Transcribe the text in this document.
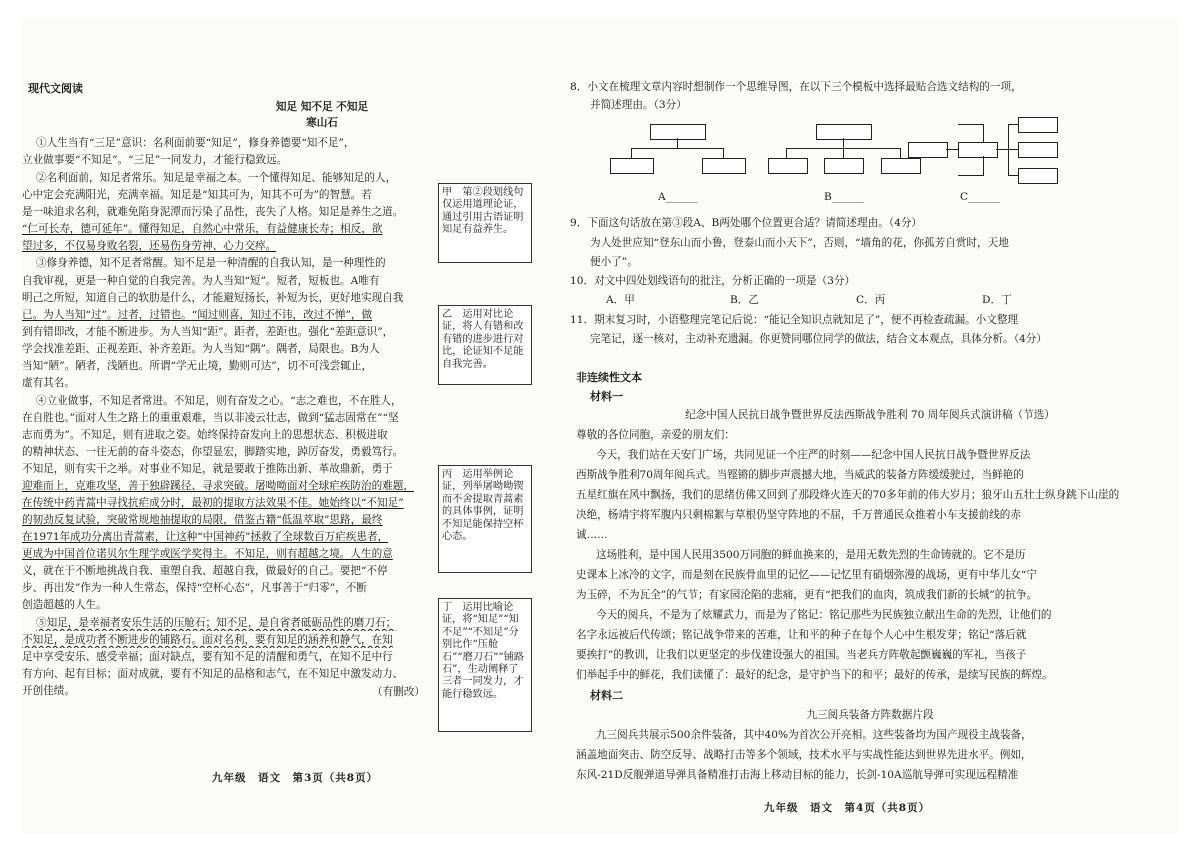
现代文阅读
知足 知不足 不知足
寒山石
①人生当有“三足”意识：名利面前要“知足”，修身养德要“知不足”，
立业做事要“不知足”。“三足”一同发力，才能行稳致远。
②名利面前，知足者常乐。知足是幸福之本。一个懂得知足、能够知足的人，
心中定会充满阳光，充满幸福。知足是“知其可为，知其不可为”的智慧。若
是一味追求名利，就难免陷身泥潭而污染了品性，丧失了人格。知足是养生之道。
“仁可长寿，德可延年”。懂得知足，自然心中常乐，有益健康长寿；相反，欲
望过多，不仅易身败名裂，还易伤身劳神、心力交瘁。
③修身养德，知不足者常醒。知不足是一种清醒的自我认知，是一种理性的
自我审视，更是一种自觉的自我完善。为人当知“短”。短者，短板也。A唯有
明己之所短，知道自己的软肋是什么，才能避短扬长，补短为长，更好地实现自我
已。为人当知“过”。过者，过错也。“闻过则喜，知过不讳，改过不惮”，做
到有错即改，才能不断进步。为人当知“距”。距者，差距也。强化“差距意识”，
学会找准差距、正视差距、补齐差距。为人当知“隅”。隅者，局限也。B为人
当知“陋”。陋者，浅陋也。所谓“学无止境，勤则可达”，切不可浅尝辄止，
虚有其名。
④立业做事，不知足者常进。不知足，则有奋发之心。“志之难也，不在胜人，
在自胜也。”面对人生之路上的重重艰难，当以非凌云壮志，做到“猛志固常在”“坚
志而勇为”。不知足，则有进取之姿。始终保持奋发向上的思想状态、积极进取
的精神状态、一往无前的奋斗姿态，你望显宏，脚踏实地，踔厉奋发，勇毅笃行。
不知足，则有实干之举。对事业不知足，就是要敢于推陈出新、革故鼎新，勇于
迎难而上，克难攻坚，善于独辟蹊径、寻求突破。屠呦呦面对全球疟疾防治的难题，
在传统中药青蒿中寻找抗疟成分时，最初的提取方法效果不佳。她始终以“不知足”
的韧劲反复试验，突破常规地抽提取的局限，借鉴古籍“低温萃取”思路，最终
在1971年成功分离出青蒿素，让这种“中国神药”拯救了全球数百万疟疾患者，
更成为中国首位诺贝尔生理学或医学奖得主。不知足，则有超越之境。人生的意
义，就在于不断地挑战自我、重塑自我、超越自我，做最好的自己。要把“不停
步、再出发”作为一种人生常态，保持“空杯心态”，凡事善于“归零”，不断
创造超越的人生。
⑤知足，是幸福者安乐生活的压舱石；知不足，是自省者砥砺品性的磨刀石；
不知足，是成功者不断进步的铺路石。面对名利，要有知足的涵养和静气，在知
足中享受安乐、感受幸福；面对缺点，要有知不足的清醒和勇气，在知不足中行
有方向、起有目标；面对成就，要有不知足的品格和志气，在不知足中激发动力、
开创佳绩。	（有删改）
甲　第②段划线句仅运用道理论证，通过引用古语证明知足有益养生。
乙　运用对比论证，将人有错和改有错的进步进行对比，论证知不足能自我完善。
丙　运用举例论证，列举屠呦呦锲而不舍提取青蒿素的具体事例，证明不知足能保持空杯心态。
丁　运用比喻论证，将“知足”“知不足”“不知足”分别比作“压舱石”“磨刀石”“铺路石”，生动阐释了三者一同发力，才能行稳致远。
九年级　语文　第3页（共8页）
8．小文在梳理文章内容时想制作一个思维导图，在以下三个模板中选择最贴合选文结构的一项，
并简述理由。（3分）
A______	B______	C______
9．下面这句话放在第③段A、B两处哪个位置更合适？请简述理由。（4分）
为人处世应知“登东山而小鲁，登泰山而小天下”，否则，“墙角的花，你孤芳自赏时，天地
便小了”。
10．对文中四处划线语句的批注，分析正确的一项是（3分）
A．甲	B．乙	C．丙	D．丁
11．期末复习时，小语整理完笔记后说：“能记全知识点就知足了”，便不再检查疏漏。小文整理
完笔记，逐一核对，主动补充遗漏。你更赞同哪位同学的做法，结合文本观点，具体分析。（4分）
非连续性文本
材料一
纪念中国人民抗日战争暨世界反法西斯战争胜利 70 周年阅兵式演讲稿（节选）
尊敬的各位同胞，亲爱的朋友们：
今天，我们站在天安门广场，共同见证一个庄严的时刻——纪念中国人民抗日战争暨世界反法
西斯战争胜利70周年阅兵式。当铿锵的脚步声震撼大地，当威武的装备方阵缓缓驶过，当鲜艳的
五星红旗在风中飘扬，我们的思绪仿佛又回到了那段烽火连天的70多年前的伟大岁月；狼牙山五壮士纵身跳下山崖的
决绝，杨靖宇将军腹内只剩棉絮与草根仍坚守阵地的不屈，千万普通民众推着小车支援前线的赤
诚……
这场胜利，是中国人民用3500万同胞的鲜血换来的，是用无数先烈的生命铸就的。它不是历
史课本上冰冷的文字，而是刻在民族骨血里的记忆——记忆里有硝烟弥漫的战场，更有中华儿女“宁
为玉碎，不为瓦全”的气节；有家园沦陷的悲痛，更有“把我们的血肉，筑成我们新的长城”的抗争。
今天的阅兵，不是为了炫耀武力，而是为了铭记：铭记那些为民族独立献出生命的先烈，让他们的
名字永远被后代传颂；铭记战争带来的苦难，让和平的种子在每个人心中生根发芽；铭记“落后就
要挨打”的教训，让我们以更坚定的步伐建设强大的祖国。当老兵方阵敬起颤巍巍的军礼，当孩子
们举起手中的鲜花，我们读懂了：最好的纪念，是守护当下的和平；最好的传承，是续写民族的辉煌。
材料二
九三阅兵装备方阵数据片段
九三阅兵共展示500余件装备，其中40%为首次公开亮相。这些装备均为国产现役主战装备，
涵盖地面突击、防空反导、战略打击等多个领域，技术水平与实战性能达到世界先进水平。例如，
东风-21D反舰弹道导弹具备精准打击海上移动目标的能力，长剑-10A巡航导弹可实现远程精准
九年级　语文　第4页（共8页）
